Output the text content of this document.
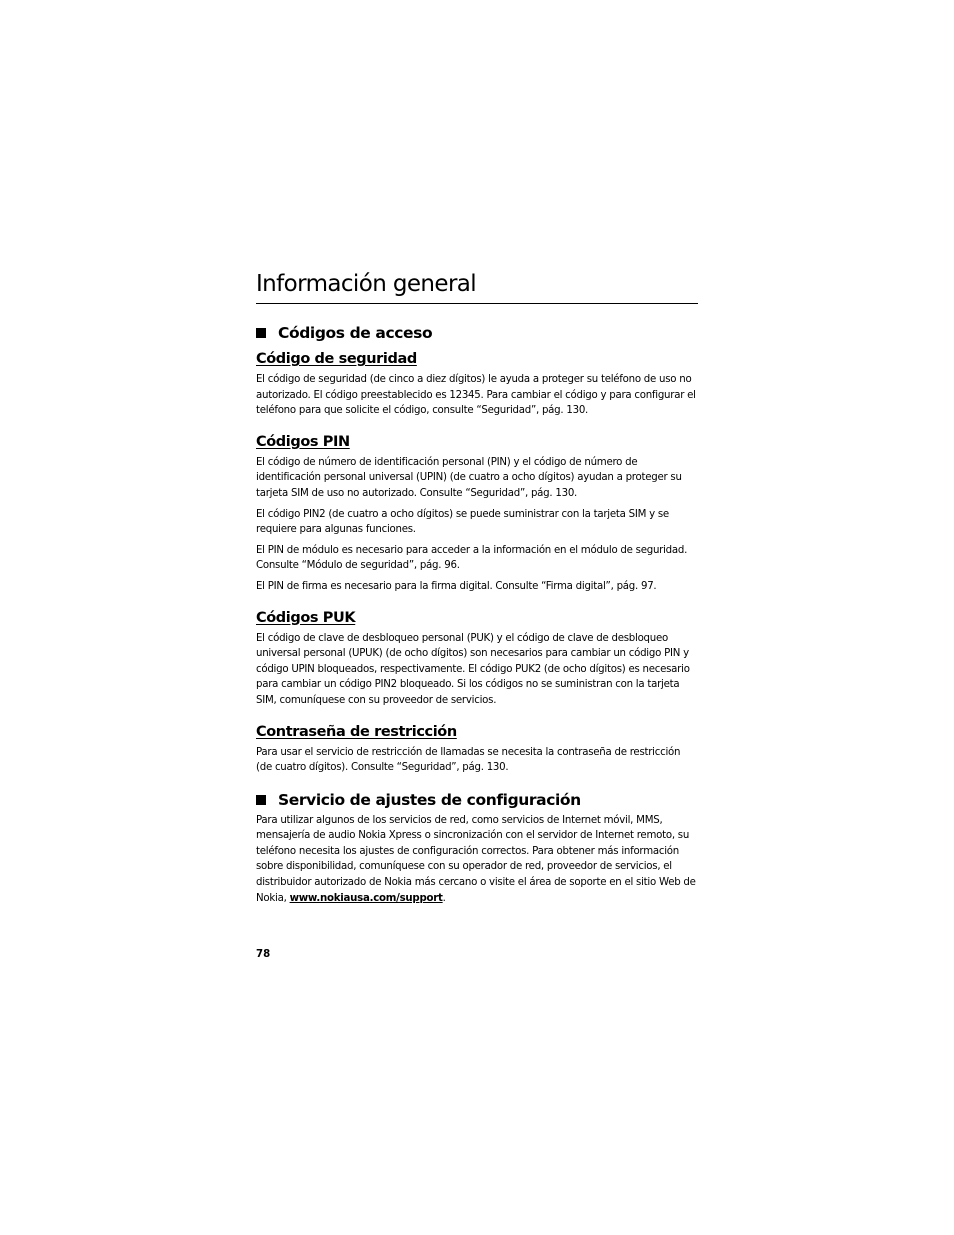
Información general
Códigos de acceso
Código de seguridad

El código de seguridad (de cinco a diez dígitos) le ayuda a proteger su teléfono de uso no autorizado. El código preestablecido es 12345. Para cambiar el código y para configurar el teléfono para que solicite el código, consulte “Seguridad”, pág. 130.

Códigos PIN

El código de número de identificación personal (PIN) y el código de número de identificación personal universal (UPIN) (de cuatro a ocho dígitos) ayudan a proteger su tarjeta SIM de uso no autorizado. Consulte “Seguridad”, pág. 130.

El código PIN2 (de cuatro a ocho dígitos) se puede suministrar con la tarjeta SIM y se requiere para algunas funciones.

El PIN de módulo es necesario para acceder a la información en el módulo de seguridad. Consulte “Módulo de seguridad”, pág. 96.

El PIN de firma es necesario para la firma digital. Consulte “Firma digital”, pág. 97.

Códigos PUK

El código de clave de desbloqueo personal (PUK) y el código de clave de desbloqueo universal personal (UPUK) (de ocho dígitos) son necesarios para cambiar un código PIN y código UPIN bloqueados, respectivamente. El código PUK2 (de ocho dígitos) es necesario para cambiar un código PIN2 bloqueado. Si los códigos no se suministran con la tarjeta SIM, comuníquese con su proveedor de servicios.

Contraseña de restricción

Para usar el servicio de restricción de llamadas se necesita la contraseña de restricción (de cuatro dígitos). Consulte “Seguridad”, pág. 130.

Servicio de ajustes de configuración

Para utilizar algunos de los servicios de red, como servicios de Internet móvil, MMS, mensajería de audio Nokia Xpress o sincronización con el servidor de Internet remoto, su teléfono necesita los ajustes de configuración correctos. Para obtener más información sobre disponibilidad, comuníquese con su operador de red, proveedor de servicios, el distribuidor autorizado de Nokia más cercano o visite el área de soporte en el sitio Web de Nokia, www.nokiausa.com/support.

78
